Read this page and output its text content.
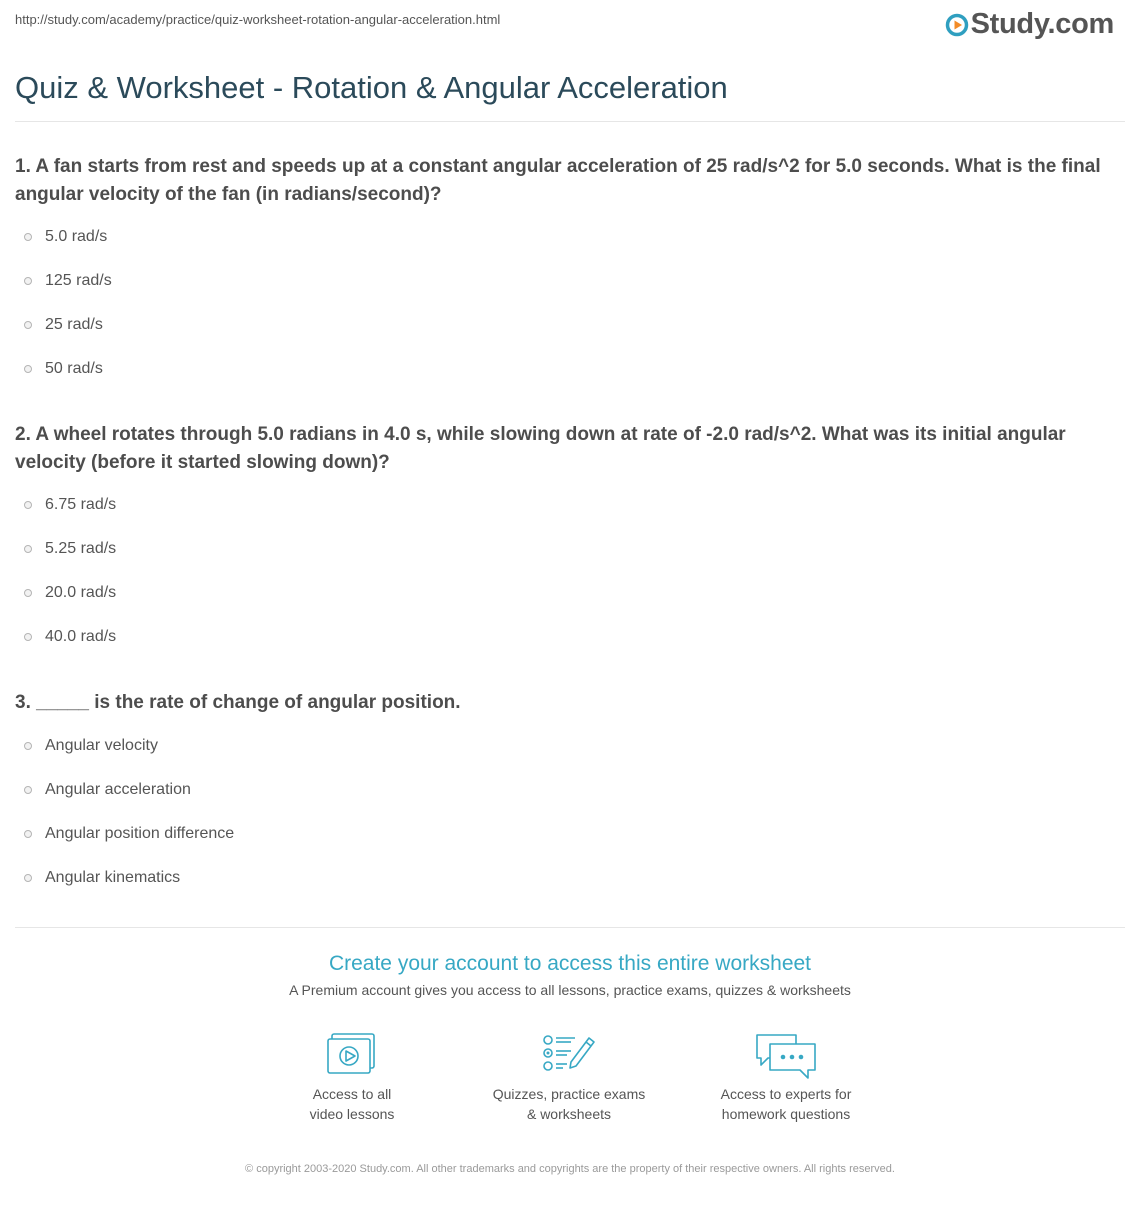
http://study.com/academy/practice/quiz-worksheet-rotation-angular-acceleration.html	Study.com
Quiz & Worksheet - Rotation & Angular Acceleration

1. A fan starts from rest and speeds up at a constant angular acceleration of 25 rad/s^2 for 5.0 seconds. What is the final angular velocity of the fan (in radians/second)?

5.0 rad/s
125 rad/s
25 rad/s
50 rad/s

2. A wheel rotates through 5.0 radians in 4.0 s, while slowing down at rate of -2.0 rad/s^2. What was its initial angular velocity (before it started slowing down)?

6.75 rad/s
5.25 rad/s
20.0 rad/s
40.0 rad/s

3. _____ is the rate of change of angular position.

Angular velocity
Angular acceleration
Angular position difference
Angular kinematics
Create your account to access this entire worksheet
A Premium account gives you access to all lessons, practice exams, quizzes & worksheets
Access to all
video lessons
Quizzes, practice exams
& worksheets
Access to experts for
homework questions
© copyright 2003-2020 Study.com. All other trademarks and copyrights are the property of their respective owners. All rights reserved.
